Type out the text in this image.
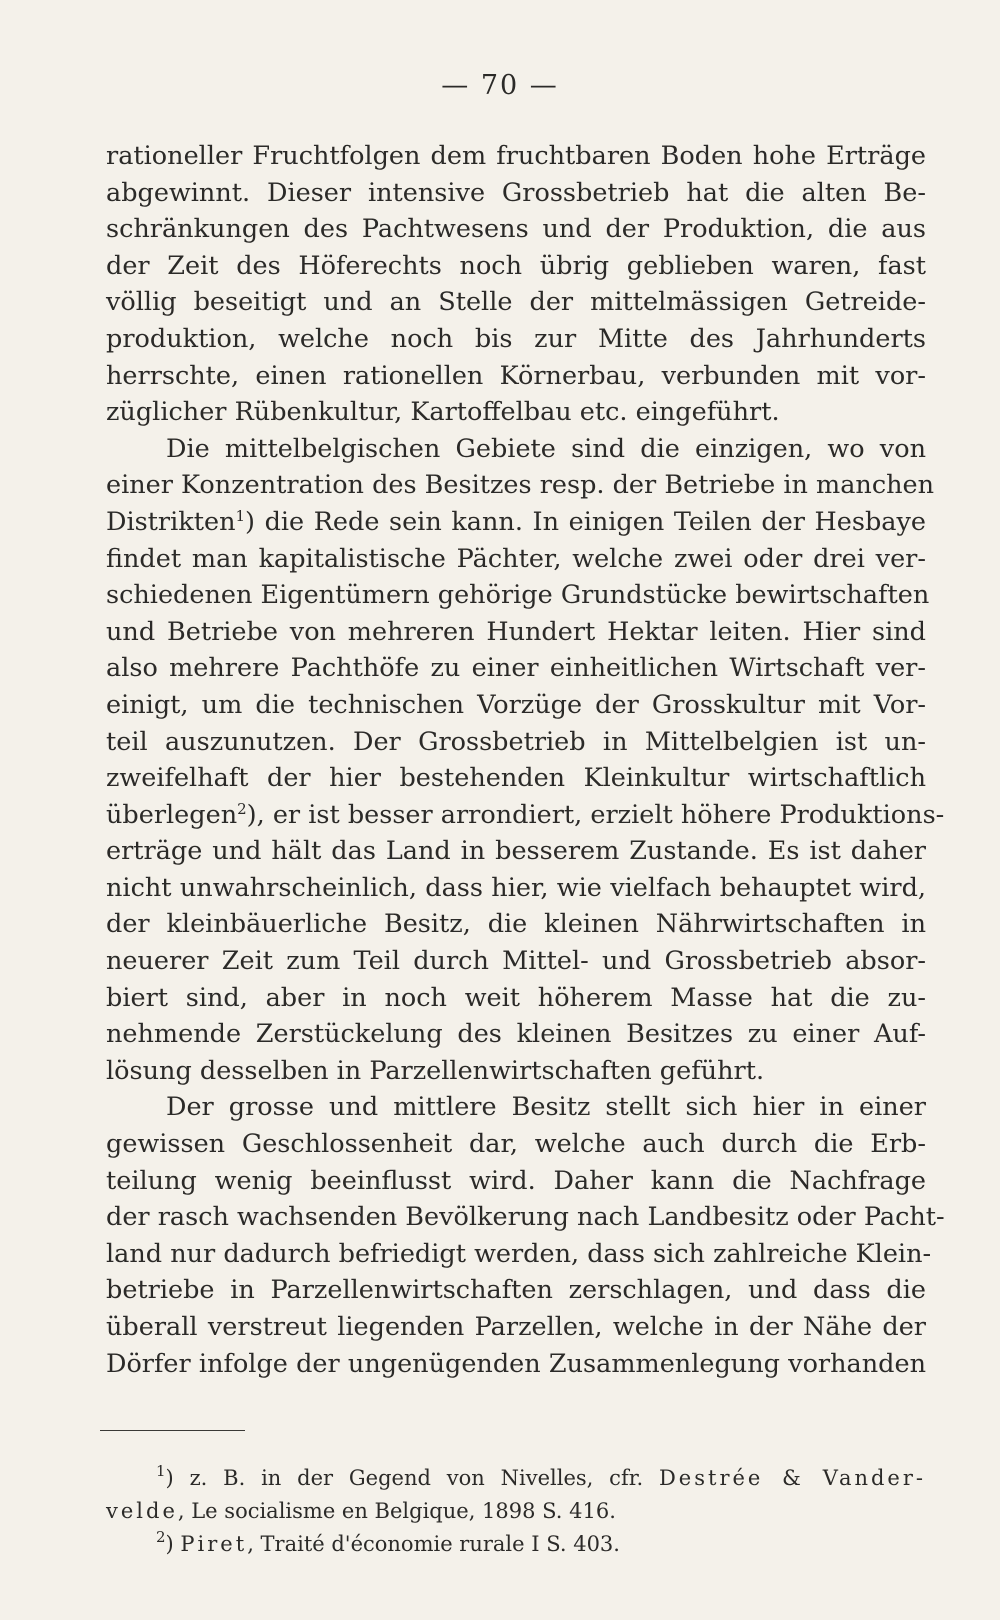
— 70 —
rationeller Fruchtfolgen dem fruchtbaren Boden hohe Erträge
abgewinnt. Dieser intensive Grossbetrieb hat die alten Be-
schränkungen des Pachtwesens und der Produktion, die aus
der Zeit des Höferechts noch übrig geblieben waren, fast
völlig beseitigt und an Stelle der mittelmässigen Getreide-
produktion, welche noch bis zur Mitte des Jahrhunderts
herrschte, einen rationellen Körnerbau, verbunden mit vor-
züglicher Rübenkultur, Kartoffelbau etc. eingeführt.
Die mittelbelgischen Gebiete sind die einzigen, wo von
einer Konzentration des Besitzes resp. der Betriebe in manchen
Distrikten$^1$) die Rede sein kann. In einigen Teilen der Hesbaye
findet man kapitalistische Pächter, welche zwei oder drei ver-
schiedenen Eigentümern gehörige Grundstücke bewirtschaften
und Betriebe von mehreren Hundert Hektar leiten. Hier sind
also mehrere Pachthöfe zu einer einheitlichen Wirtschaft ver-
einigt, um die technischen Vorzüge der Grosskultur mit Vor-
teil auszunutzen. Der Grossbetrieb in Mittelbelgien ist un-
zweifelhaft der hier bestehenden Kleinkultur wirtschaftlich
überlegen$^2$), er ist besser arrondiert, erzielt höhere Produktions-
erträge und hält das Land in besserem Zustande. Es ist daher
nicht unwahrscheinlich, dass hier, wie vielfach behauptet wird,
der kleinbäuerliche Besitz, die kleinen Nährwirtschaften in
neuerer Zeit zum Teil durch Mittel- und Grossbetrieb absor-
biert sind, aber in noch weit höherem Masse hat die zu-
nehmende Zerstückelung des kleinen Besitzes zu einer Auf-
lösung desselben in Parzellenwirtschaften geführt.
Der grosse und mittlere Besitz stellt sich hier in einer
gewissen Geschlossenheit dar, welche auch durch die Erb-
teilung wenig beeinflusst wird. Daher kann die Nachfrage
der rasch wachsenden Bevölkerung nach Landbesitz oder Pacht-
land nur dadurch befriedigt werden, dass sich zahlreiche Klein-
betriebe in Parzellenwirtschaften zerschlagen, und dass die
überall verstreut liegenden Parzellen, welche in der Nähe der
Dörfer infolge der ungenügenden Zusammenlegung vorhanden
$^1$) z. B. in der Gegend von Nivelles, cfr. Destrée & Vander-
velde, Le socialisme en Belgique, 1898 S. 416.
$^2$) Piret, Traité d'économie rurale I S. 403.
